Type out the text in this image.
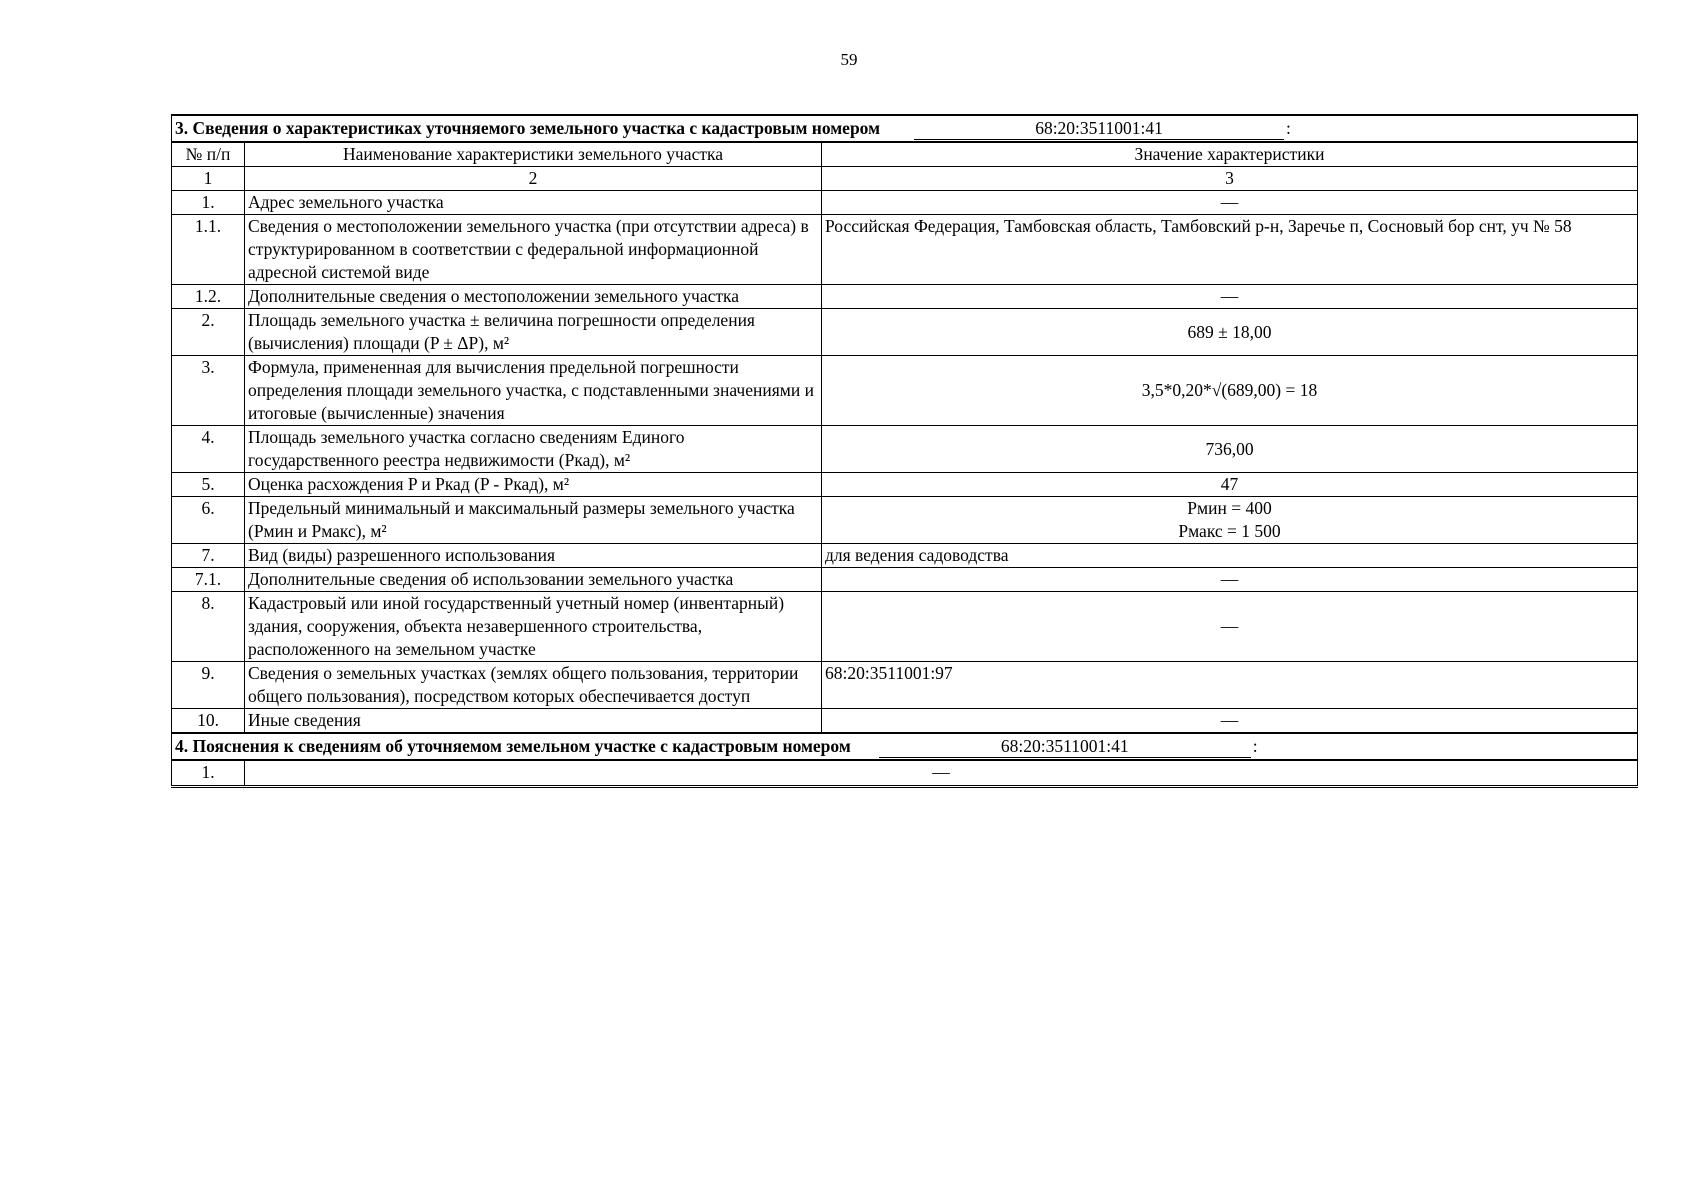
59
3. Сведения о характеристиках уточняемого земельного участка с кадастровым номером 68:20:3511001:41 :		

№ п/п	Наименование характеристики земельного участка	Значение характеристики
1	2	3
1.	Адрес земельного участка	—
1.1.	Сведения о местоположении земельного участка (при отсутствии адреса) в структурированном в соответствии с федеральной информационной адресной системой виде	Российская Федерация, Тамбовская область, Тамбовский р-н, Заречье п, Сосновый бор снт, уч № 58
1.2.	Дополнительные сведения о местоположении земельного участка	—
2.	Площадь земельного участка ± величина погрешности определения (вычисления) площади (P ± ΔP), м²	689 ± 18,00
3.	Формула, примененная для вычисления предельной погрешности определения площади земельного участка, с подставленными значениями и итоговые (вычисленные) значения	3,5*0,20*√(689,00) = 18
4.	Площадь земельного участка согласно сведениям Единого государственного реестра недвижимости (Pкад), м²	736,00
5.	Оценка расхождения P и Pкад (P - Pкад), м²	47
6.	Предельный минимальный и максимальный размеры земельного участка (Pмин и Pмакс), м²	Pмин = 400
Pмакс = 1 500

7.	Вид (виды) разрешенного использования	для ведения садоводства
7.1.	Дополнительные сведения об использовании земельного участка	—
8.	Кадастровый или иной государственный учетный номер (инвентарный) здания, сооружения, объекта незавершенного строительства, расположенного на земельном участке	—
9.	Сведения о земельных участках (землях общего пользования, территории общего пользования), посредством которых обеспечивается доступ	68:20:3511001:97
10.	Иные сведения	—

4. Пояснения к сведениям об уточняемом земельном участке с кадастровым номером 68:20:3511001:41 :		

1.	—	
